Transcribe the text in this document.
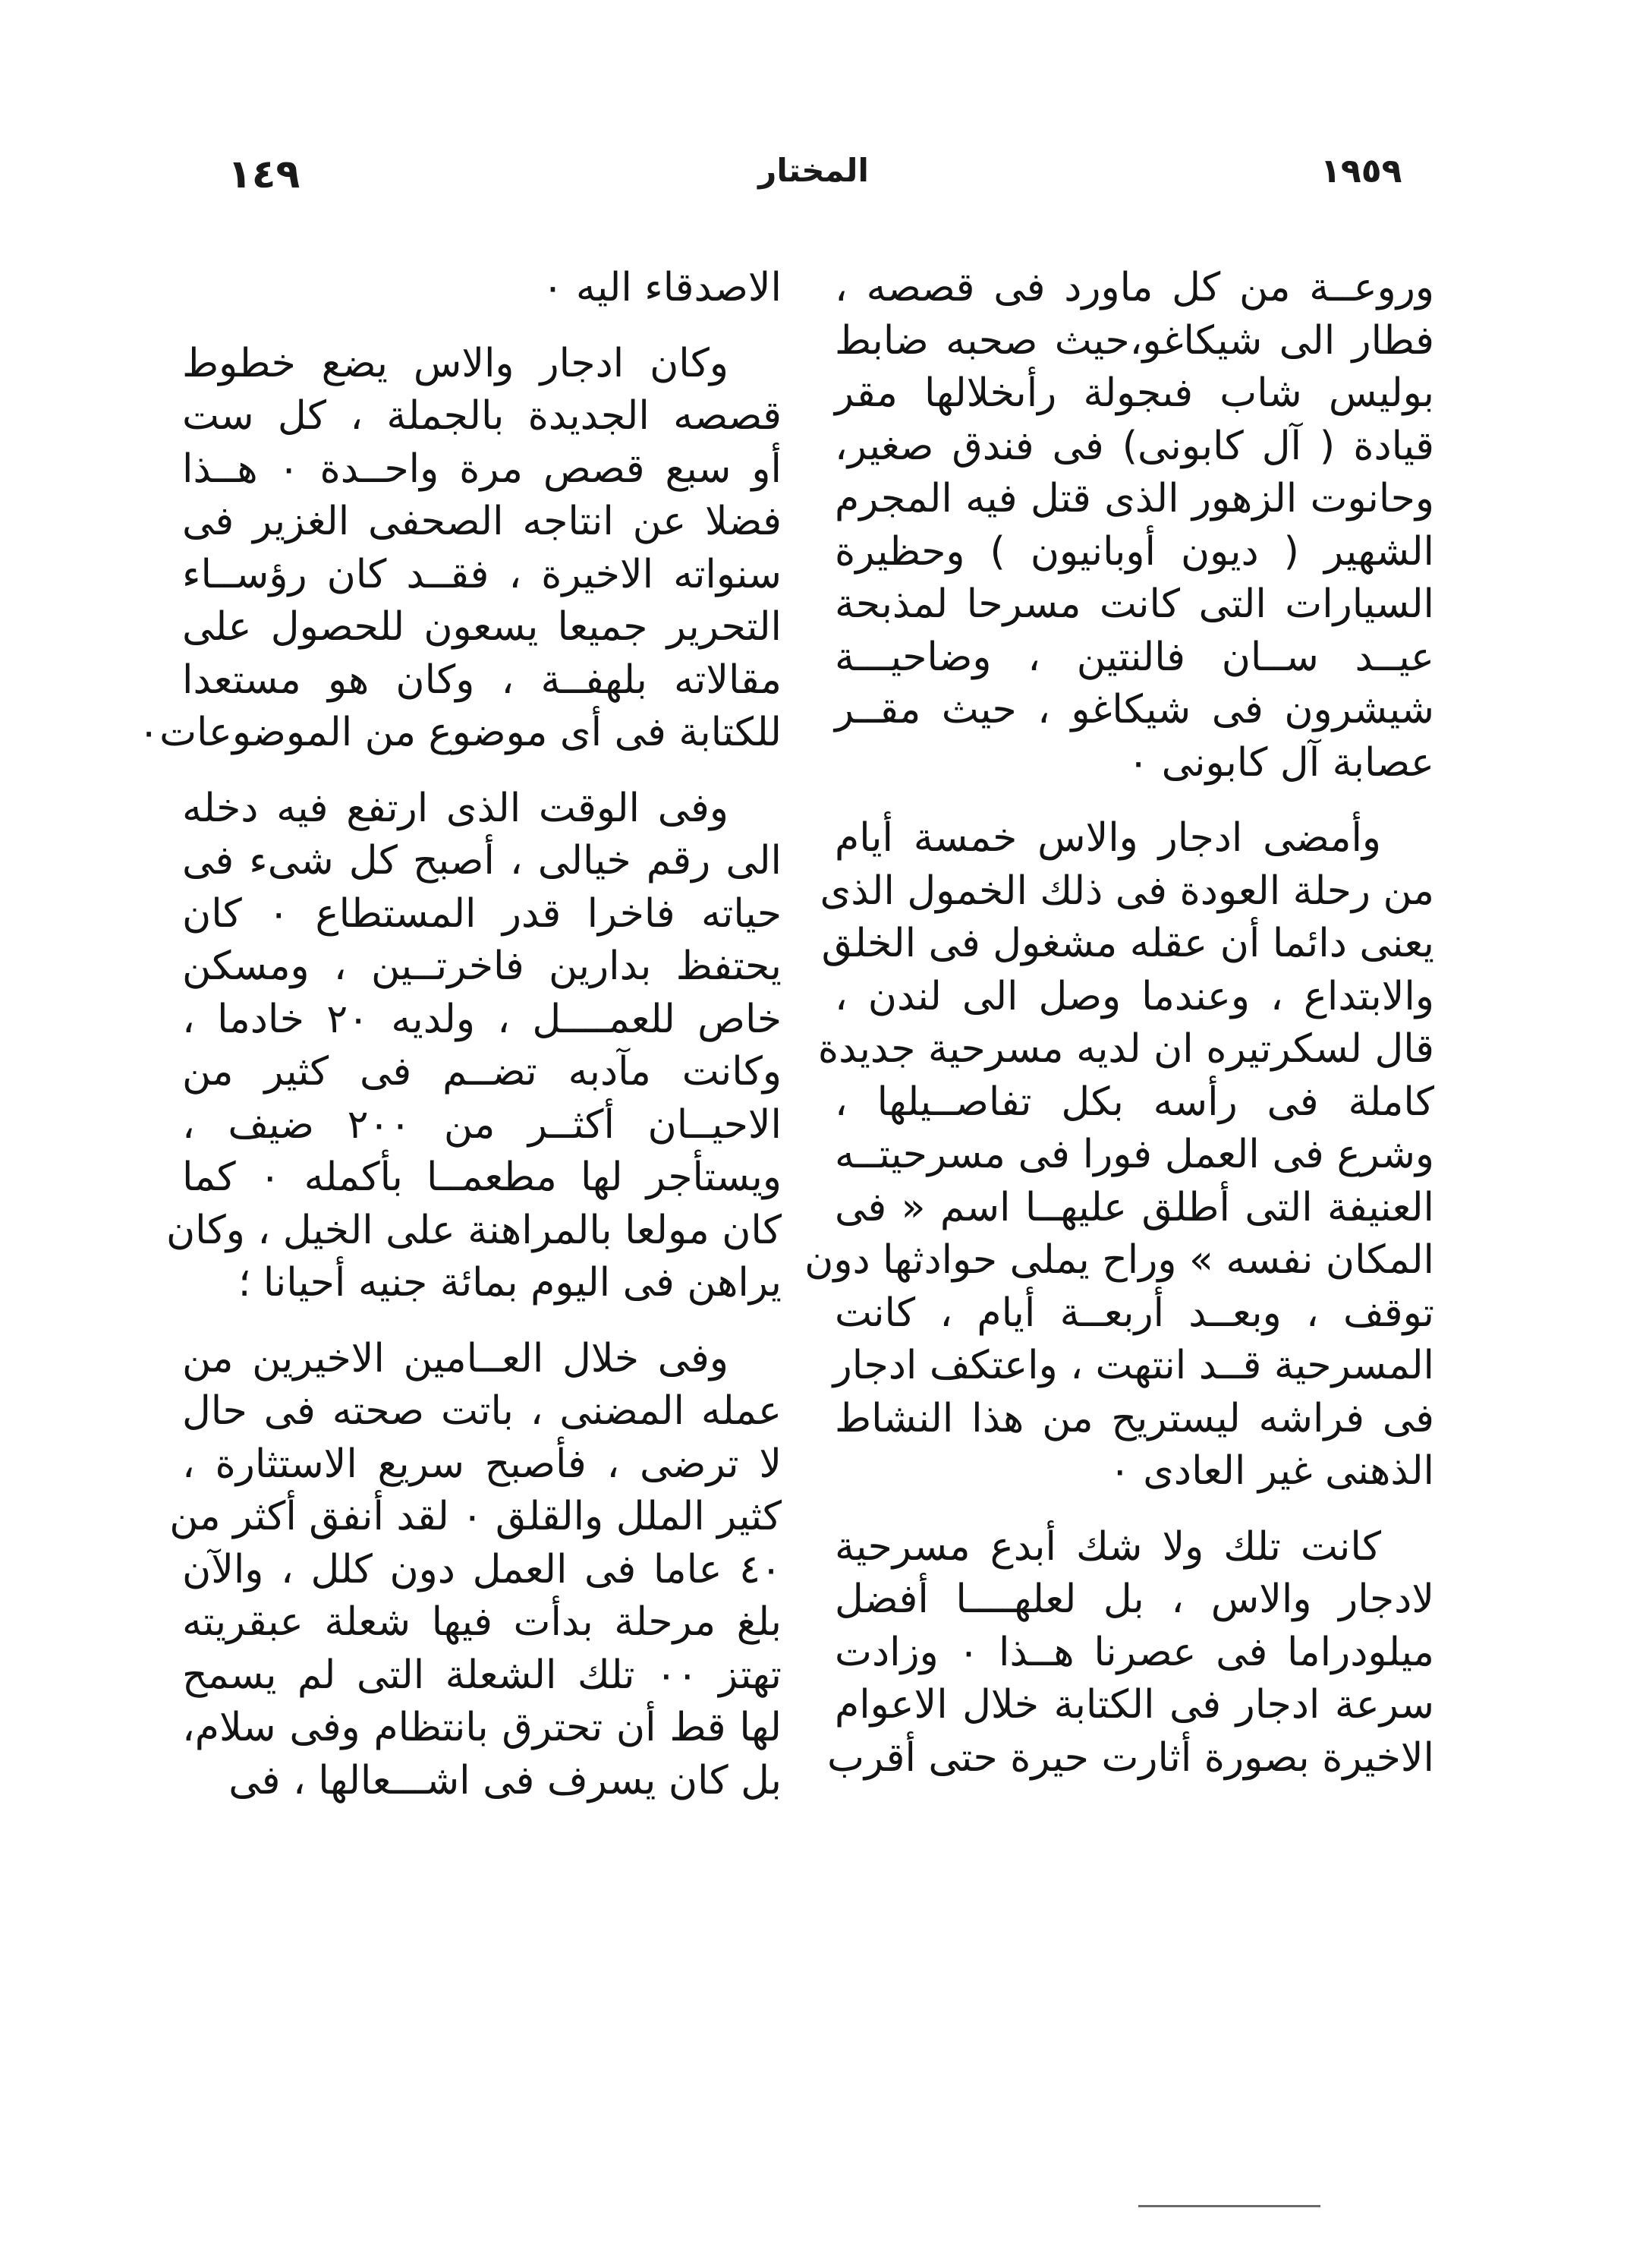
١٩٥٩
المختار
١٤٩
وروعــة من كل ماورد فى قصصه ،
فطار الى شيكاغو،حيث صحبه ضابط
بوليس شاب فىجولة رأىخلالها مقر
قيادة ( آل كابونى) فى فندق صغير،
وحانوت الزهور الذى قتل فيه المجرم
الشهير ( ديون أوبانيون ) وحظيرة
السيارات التى كانت مسرحا لمذبحة
عيــد ســان فالنتين ، وضاحيـــة
شيشرون فى شيكاغو ، حيث مقــر
عصابة آل كابونى ٠
وأمضى ادجار والاس خمسة أيام
من رحلة العودة فى ذلك الخمول الذى
يعنى دائما أن عقله مشغول فى الخلق
والابتداع ، وعندما وصل الى لندن ،
قال لسكرتيره ان لديه مسرحية جديدة
كاملة فى رأسه بكل تفاصــيلها ،
وشرع فى العمل فورا فى مسرحيتــه
العنيفة التى أطلق عليهــا اسم « فى
المكان نفسه » وراح يملى حوادثها دون
توقف ، وبعــد أربعــة أيام ، كانت
المسرحية قــد انتهت ، واعتكف ادجار
فى فراشه ليستريح من هذا النشاط
الذهنى غير العادى ٠
كانت تلك ولا شك أبدع مسرحية
لادجار والاس ، بل لعلهــــا أفضل
ميلودراما فى عصرنا هــذا ٠ وزادت
سرعة ادجار فى الكتابة خلال الاعوام
الاخيرة بصورة أثارت حيرة حتى أقرب
الاصدقاء اليه ٠
وكان ادجار والاس يضع خطوط
قصصه الجديدة بالجملة ، كل ست
أو سبع قصص مرة واحــدة ٠ هــذا
فضلا عن انتاجه الصحفى الغزير فى
سنواته الاخيرة ، فقــد كان رؤســاء
التحرير جميعا يسعون للحصول على
مقالاته بلهفــة ، وكان هو مستعدا
للكتابة فى أى موضوع من الموضوعات٠
وفى الوقت الذى ارتفع فيه دخله
الى رقم خيالى ، أصبح كل شىء فى
حياته فاخرا قدر المستطاع ٠ كان
يحتفظ بدارين فاخرتــين ، ومسكن
خاص للعمــــل ، ولديه ٢٠ خادما ،
وكانت مآدبه تضــم فى كثير من
الاحيــان أكثــر من ٢٠٠ ضيف ،
ويستأجر لها مطعمــا بأكمله ٠ كما
كان مولعا بالمراهنة على الخيل ، وكان
يراهن فى اليوم بمائة جنيه أحيانا ؛
وفى خلال العــامين الاخيرين من
عمله المضنى ، باتت صحته فى حال
لا ترضى ، فأصبح سريع الاستثارة ،
كثير الملل والقلق ٠ لقد أنفق أكثر من
٤٠ عاما فى العمل دون كلل ، والآن
بلغ مرحلة بدأت فيها شعلة عبقريته
تهتز ٠٠ تلك الشعلة التى لم يسمح
لها قط أن تحترق بانتظام وفى سلام،
بل كان يسرف فى اشـــعالها ، فى
